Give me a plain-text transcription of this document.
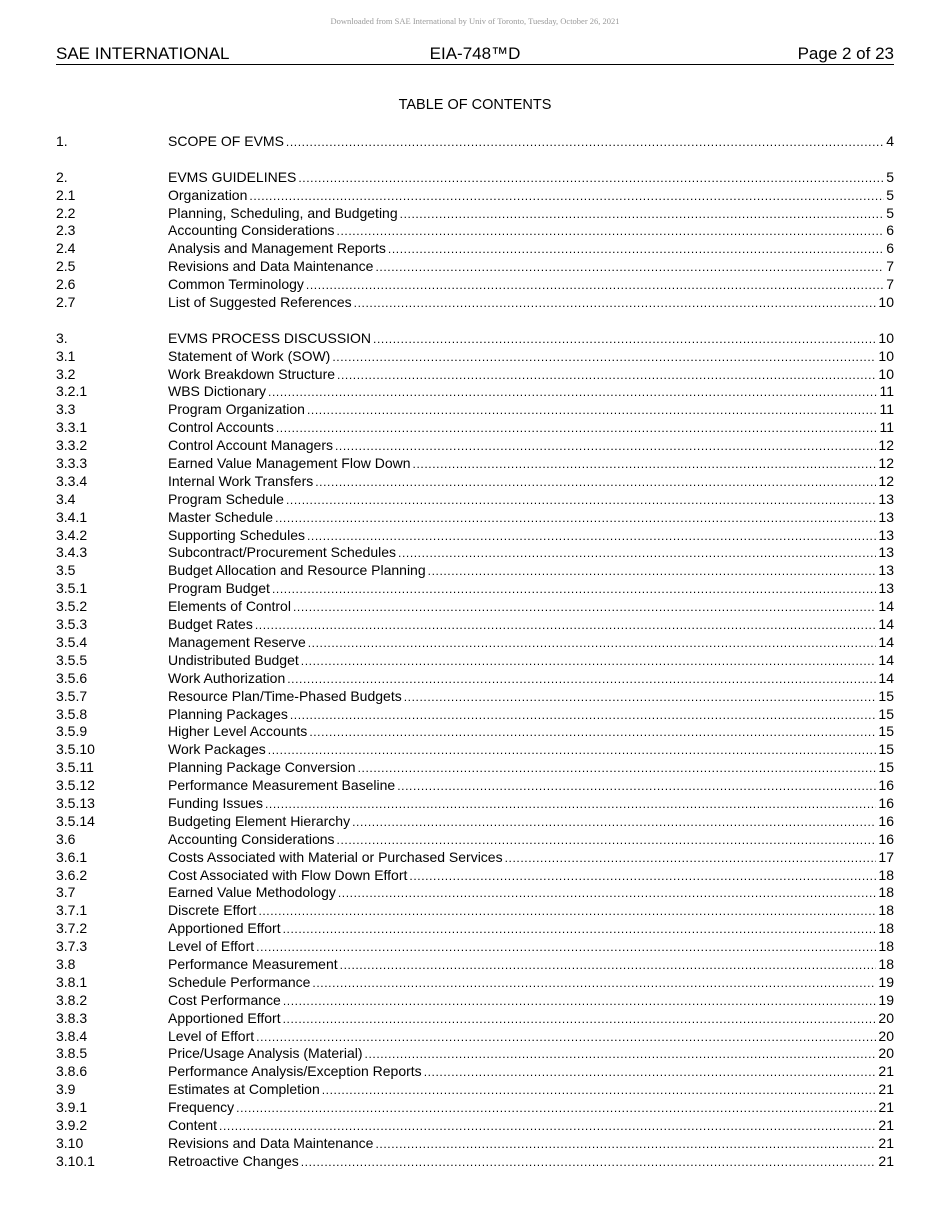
Downloaded from SAE International by Univ of Toronto, Tuesday, October 26, 2021
SAE INTERNATIONAL	EIA-748™D	Page 2 of 23
TABLE OF CONTENTS
1.	SCOPE OF EVMS .....	4
2.	EVMS GUIDELINES .....	5
2.1	Organization .....	5
2.2	Planning, Scheduling, and Budgeting .....	5
2.3	Accounting Considerations .....	6
2.4	Analysis and Management Reports .....	6
2.5	Revisions and Data Maintenance .....	7
2.6	Common Terminology .....	7
2.7	List of Suggested References .....	10
3.	EVMS PROCESS DISCUSSION .....	10
3.1	Statement of Work (SOW) .....	10
3.2	Work Breakdown Structure .....	10
3.2.1	WBS Dictionary .....	11
3.3	Program Organization .....	11
3.3.1	Control Accounts .....	11
3.3.2	Control Account Managers .....	12
3.3.3	Earned Value Management Flow Down .....	12
3.3.4	Internal Work Transfers .....	12
3.4	Program Schedule .....	13
3.4.1	Master Schedule .....	13
3.4.2	Supporting Schedules .....	13
3.4.3	Subcontract/Procurement Schedules .....	13
3.5	Budget Allocation and Resource Planning .....	13
3.5.1	Program Budget .....	13
3.5.2	Elements of Control .....	14
3.5.3	Budget Rates .....	14
3.5.4	Management Reserve .....	14
3.5.5	Undistributed Budget .....	14
3.5.6	Work Authorization .....	14
3.5.7	Resource Plan/Time-Phased Budgets .....	15
3.5.8	Planning Packages .....	15
3.5.9	Higher Level Accounts .....	15
3.5.10	Work Packages .....	15
3.5.11	Planning Package Conversion .....	15
3.5.12	Performance Measurement Baseline .....	16
3.5.13	Funding Issues .....	16
3.5.14	Budgeting Element Hierarchy .....	16
3.6	Accounting Considerations .....	16
3.6.1	Costs Associated with Material or Purchased Services .....	17
3.6.2	Cost Associated with Flow Down Effort .....	18
3.7	Earned Value Methodology .....	18
3.7.1	Discrete Effort .....	18
3.7.2	Apportioned Effort .....	18
3.7.3	Level of Effort .....	18
3.8	Performance Measurement .....	18
3.8.1	Schedule Performance .....	19
3.8.2	Cost Performance .....	19
3.8.3	Apportioned Effort .....	20
3.8.4	Level of Effort .....	20
3.8.5	Price/Usage Analysis (Material) .....	20
3.8.6	Performance Analysis/Exception Reports .....	21
3.9	Estimates at Completion .....	21
3.9.1	Frequency .....	21
3.9.2	Content .....	21
3.10	Revisions and Data Maintenance .....	21
3.10.1	Retroactive Changes .....	21
